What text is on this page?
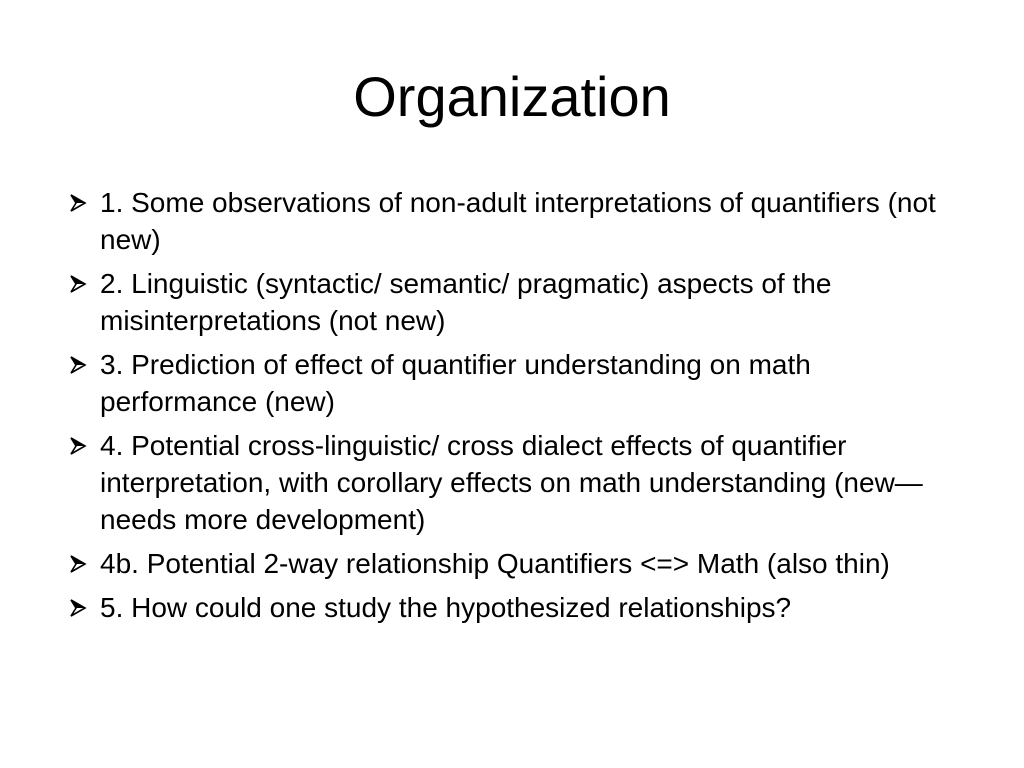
Organization
1. Some observations of non-adult interpretations of quantifiers (not new)
2. Linguistic (syntactic/ semantic/ pragmatic) aspects of the misinterpretations (not new)
3. Prediction of effect of quantifier understanding on math performance (new)
4. Potential cross-linguistic/ cross dialect effects of quantifier interpretation, with corollary effects on math understanding (new—needs more development)
4b. Potential 2-way relationship Quantifiers <=> Math (also thin)
5. How could one study the hypothesized relationships?
